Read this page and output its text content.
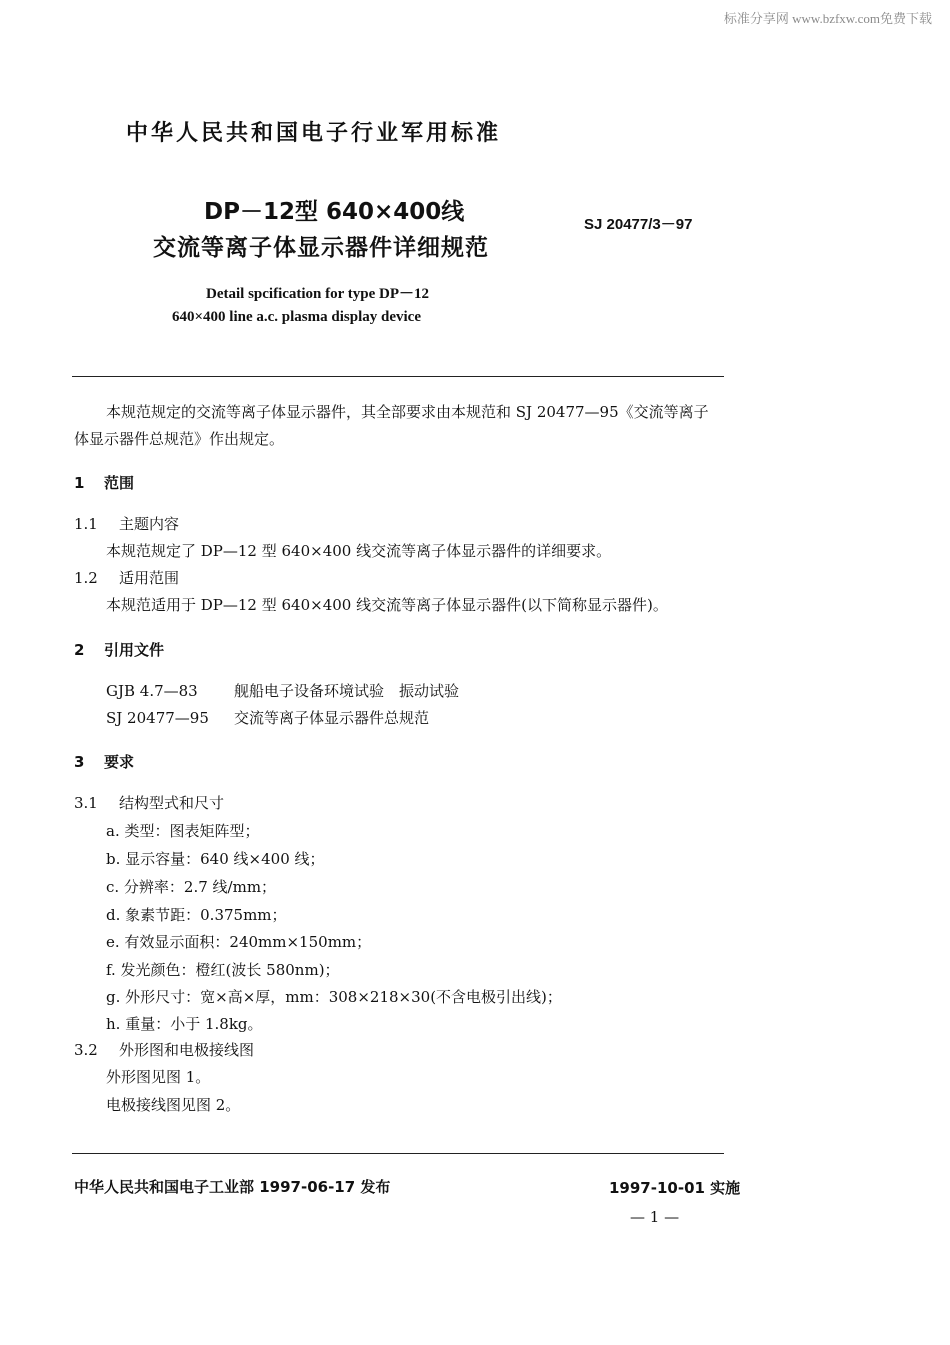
标准分享网 www.bzfxw.com免费下载
中华人民共和国电子行业军用标准
DP－12型 640×400线
交流等离子体显示器件详细规范
SJ 20477/3－97
Detail spcification for type DP－12
640×400 line a.c. plasma display device
本规范规定的交流等离子体显示器件，其全部要求由本规范和 SJ 20477—95《交流等离子
体显示器件总规范》作出规定。
1 范围
1.1 主题内容
本规范规定了 DP—12 型 640×400 线交流等离子体显示器件的详细要求。
1.2 适用范围
本规范适用于 DP—12 型 640×400 线交流等离子体显示器件(以下简称显示器件)。
2 引用文件
GJB 4.7—83 舰船电子设备环境试验　振动试验
SJ 20477—95 交流等离子体显示器件总规范
3 要求
3.1 结构型式和尺寸
a. 类型：图表矩阵型；
b. 显示容量：640 线×400 线；
c. 分辨率：2.7 线/mm；
d. 象素节距：0.375mm；
e. 有效显示面积：240mm×150mm；
f. 发光颜色：橙红(波长 580nm)；
g. 外形尺寸：宽×高×厚，mm：308×218×30(不含电极引出线)；
h. 重量：小于 1.8kg。
3.2 外形图和电极接线图
外形图见图 1。
电极接线图见图 2。
中华人民共和国电子工业部 1997-06-17 发布	1997-10-01 实施
— 1 —
